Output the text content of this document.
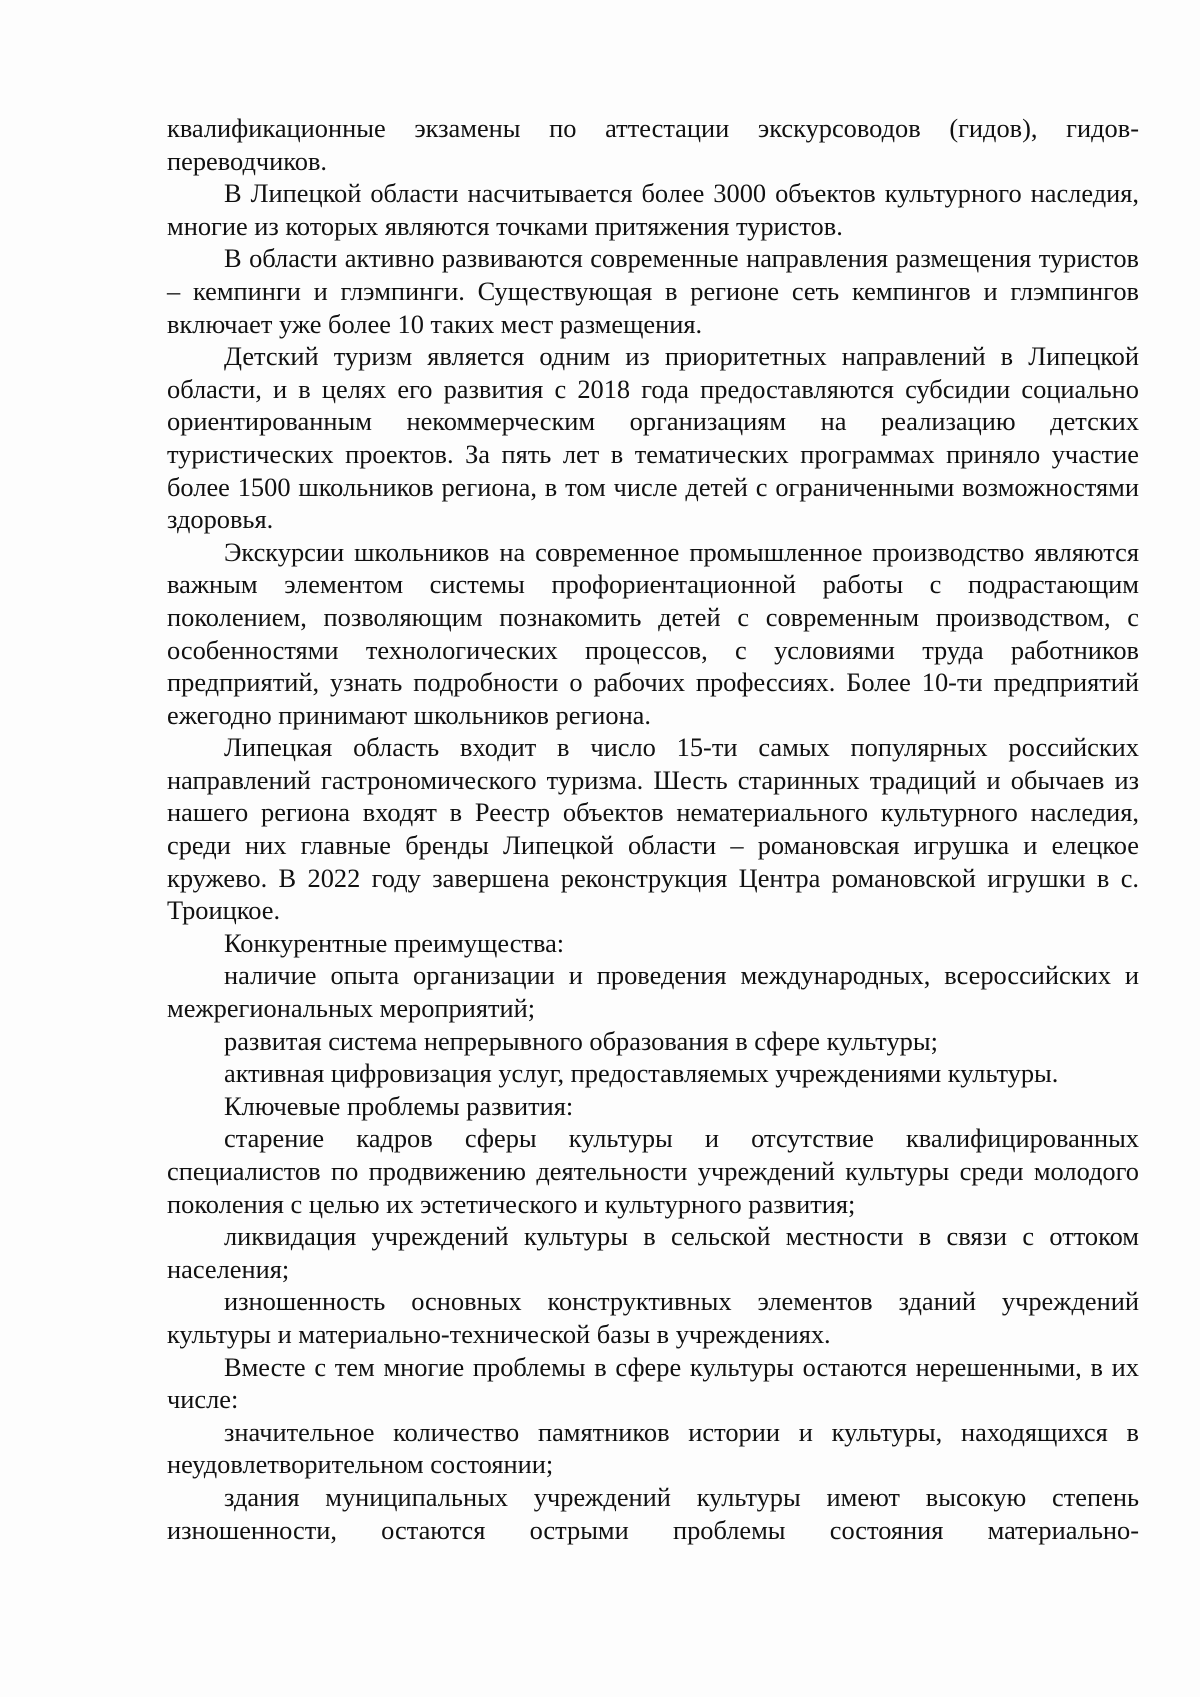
квалификационные экзамены по аттестации экскурсоводов (гидов), гидов-переводчиков.

В Липецкой области насчитывается более 3000 объектов культурного наследия, многие из которых являются точками притяжения туристов.

В области активно развиваются современные направления размещения туристов – кемпинги и глэмпинги. Существующая в регионе сеть кемпингов и глэмпингов включает уже более 10 таких мест размещения.

Детский туризм является одним из приоритетных направлений в Липецкой области, и в целях его развития с 2018 года предоставляются субсидии социально ориентированным некоммерческим организациям на реализацию детских туристических проектов. За пять лет в тематических программах приняло участие более 1500 школьников региона, в том числе детей с ограниченными возможностями здоровья.

Экскурсии школьников на современное промышленное производство являются важным элементом системы профориентационной работы с подрастающим поколением, позволяющим познакомить детей с современным производством, с особенностями технологических процессов, с условиями труда работников предприятий, узнать подробности о рабочих профессиях. Более 10-ти предприятий ежегодно принимают школьников региона.

Липецкая область входит в число 15-ти самых популярных российских направлений гастрономического туризма. Шесть старинных традиций и обычаев из нашего региона входят в Реестр объектов нематериального культурного наследия, среди них главные бренды Липецкой области – романовская игрушка и елецкое кружево. В 2022 году завершена реконструкция Центра романовской игрушки в с. Троицкое.

Конкурентные преимущества:

наличие опыта организации и проведения международных, всероссийских и межрегиональных мероприятий;

развитая система непрерывного образования в сфере культуры;

активная цифровизация услуг, предоставляемых учреждениями культуры.

Ключевые проблемы развития:

старение кадров сферы культуры и отсутствие квалифицированных специалистов по продвижению деятельности учреждений культуры среди молодого поколения с целью их эстетического и культурного развития;

ликвидация учреждений культуры в сельской местности в связи с оттоком населения;

изношенность основных конструктивных элементов зданий учреждений культуры и материально-технической базы в учреждениях.

Вместе с тем многие проблемы в сфере культуры остаются нерешенными, в их числе:

значительное количество памятников истории и культуры, находящихся в неудовлетворительном состоянии;

здания муниципальных учреждений культуры имеют высокую степень изношенности, остаются острыми проблемы состояния материально-
